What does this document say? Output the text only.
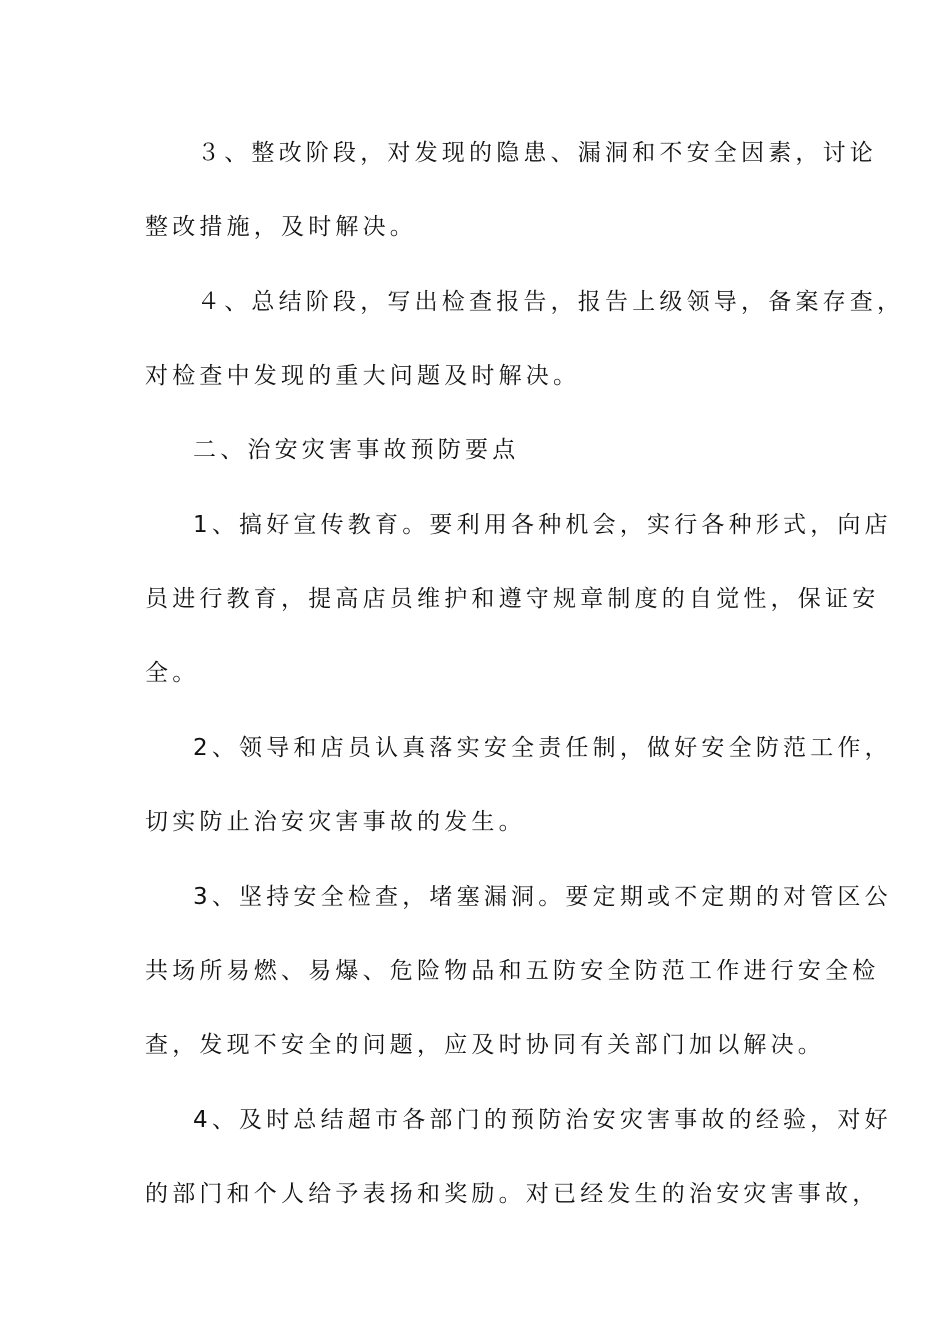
３、整改阶段，对发现的隐患、漏洞和不安全因素，讨论
整改措施，及时解决。
４、总结阶段，写出检查报告，报告上级领导，备案存查，
对检查中发现的重大问题及时解决。
二、治安灾害事故预防要点
1、搞好宣传教育。要利用各种机会，实行各种形式，向店
员进行教育，提高店员维护和遵守规章制度的自觉性，保证安
全。
2、领导和店员认真落实安全责任制，做好安全防范工作，
切实防止治安灾害事故的发生。
3、坚持安全检查，堵塞漏洞。要定期或不定期的对管区公
共场所易燃、易爆、危险物品和五防安全防范工作进行安全检
查，发现不安全的问题，应及时协同有关部门加以解决。
4、及时总结超市各部门的预防治安灾害事故的经验，对好
的部门和个人给予表扬和奖励。对已经发生的治安灾害事故，
